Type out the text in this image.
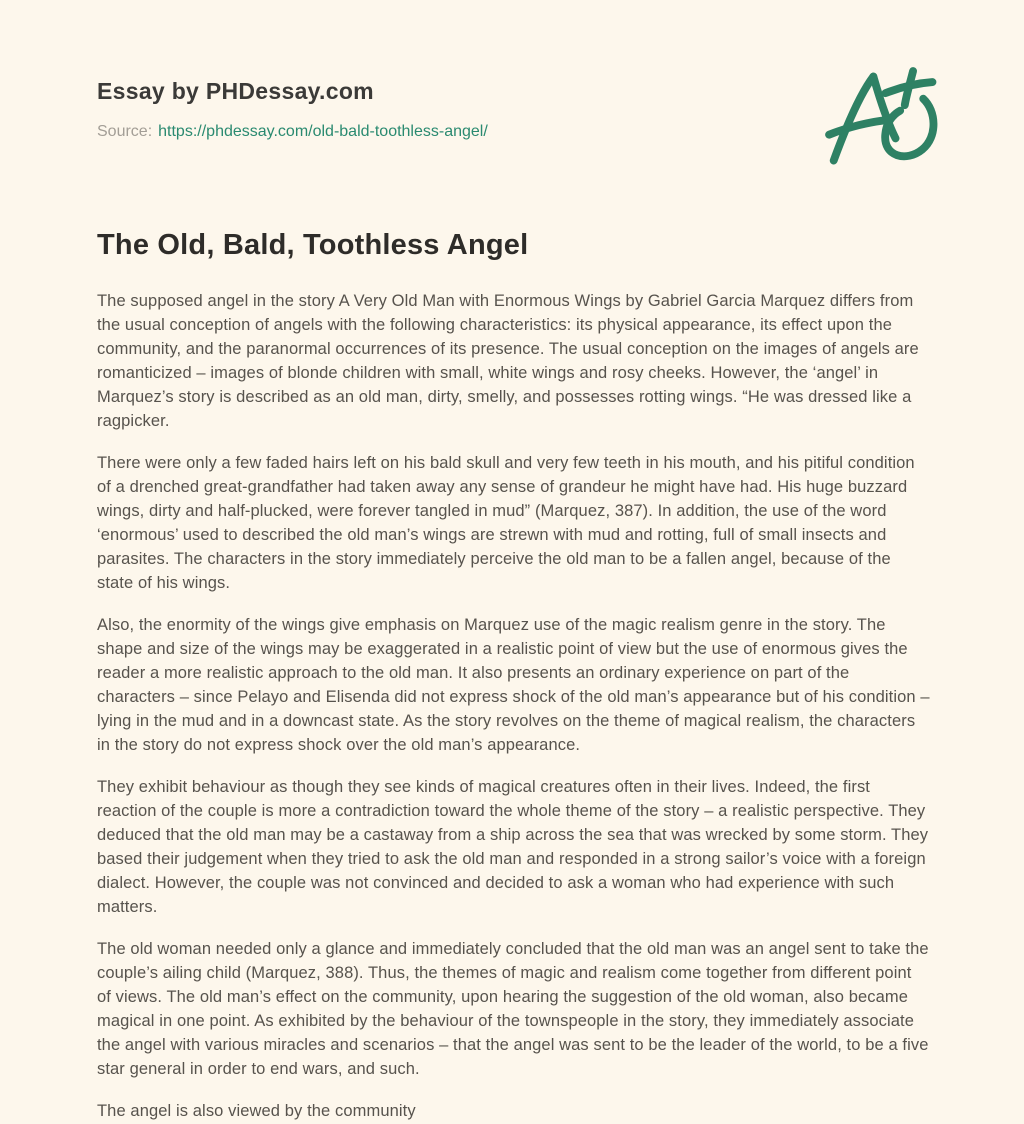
Essay by PHDessay.com
Source: https://phdessay.com/old-bald-toothless-angel/
The Old, Bald, Toothless Angel

The supposed angel in the story A Very Old Man with Enormous Wings by Gabriel Garcia Marquez differs from the usual conception of angels with the following characteristics: its physical appearance, its effect upon the community, and the paranormal occurrences of its presence. The usual conception on the images of angels are romanticized – images of blonde children with small, white wings and rosy cheeks. However, the ‘angel’ in Marquez’s story is described as an old man, dirty, smelly, and possesses rotting wings. “He was dressed like a ragpicker.

There were only a few faded hairs left on his bald skull and very few teeth in his mouth, and his pitiful condition of a drenched great-grandfather had taken away any sense of grandeur he might have had. His huge buzzard wings, dirty and half-plucked, were forever tangled in mud” (Marquez, 387). In addition, the use of the word ‘enormous’ used to described the old man’s wings are strewn with mud and rotting, full of small insects and parasites. The characters in the story immediately perceive the old man to be a fallen angel, because of the state of his wings.

Also, the enormity of the wings give emphasis on Marquez use of the magic realism genre in the story. The shape and size of the wings may be exaggerated in a realistic point of view but the use of enormous gives the reader a more realistic approach to the old man. It also presents an ordinary experience on part of the characters – since Pelayo and Elisenda did not express shock of the old man’s appearance but of his condition – lying in the mud and in a downcast state. As the story revolves on the theme of magical realism, the characters in the story do not express shock over the old man’s appearance.

They exhibit behaviour as though they see kinds of magical creatures often in their lives. Indeed, the first reaction of the couple is more a contradiction toward the whole theme of the story – a realistic perspective. They deduced that the old man may be a castaway from a ship across the sea that was wrecked by some storm. They based their judgement when they tried to ask the old man and responded in a strong sailor’s voice with a foreign dialect. However, the couple was not convinced and decided to ask a woman who had experience with such matters.

The old woman needed only a glance and immediately concluded that the old man was an angel sent to take the couple’s ailing child (Marquez, 388). Thus, the themes of magic and realism come together from different point of views. The old man’s effect on the community, upon hearing the suggestion of the old woman, also became magical in one point. As exhibited by the behaviour of the townspeople in the story, they immediately associate the angel with various miracles and scenarios – that the angel was sent to be the leader of the world, to be a five star general in order to end wars, and such.

The angel is also viewed by the community
